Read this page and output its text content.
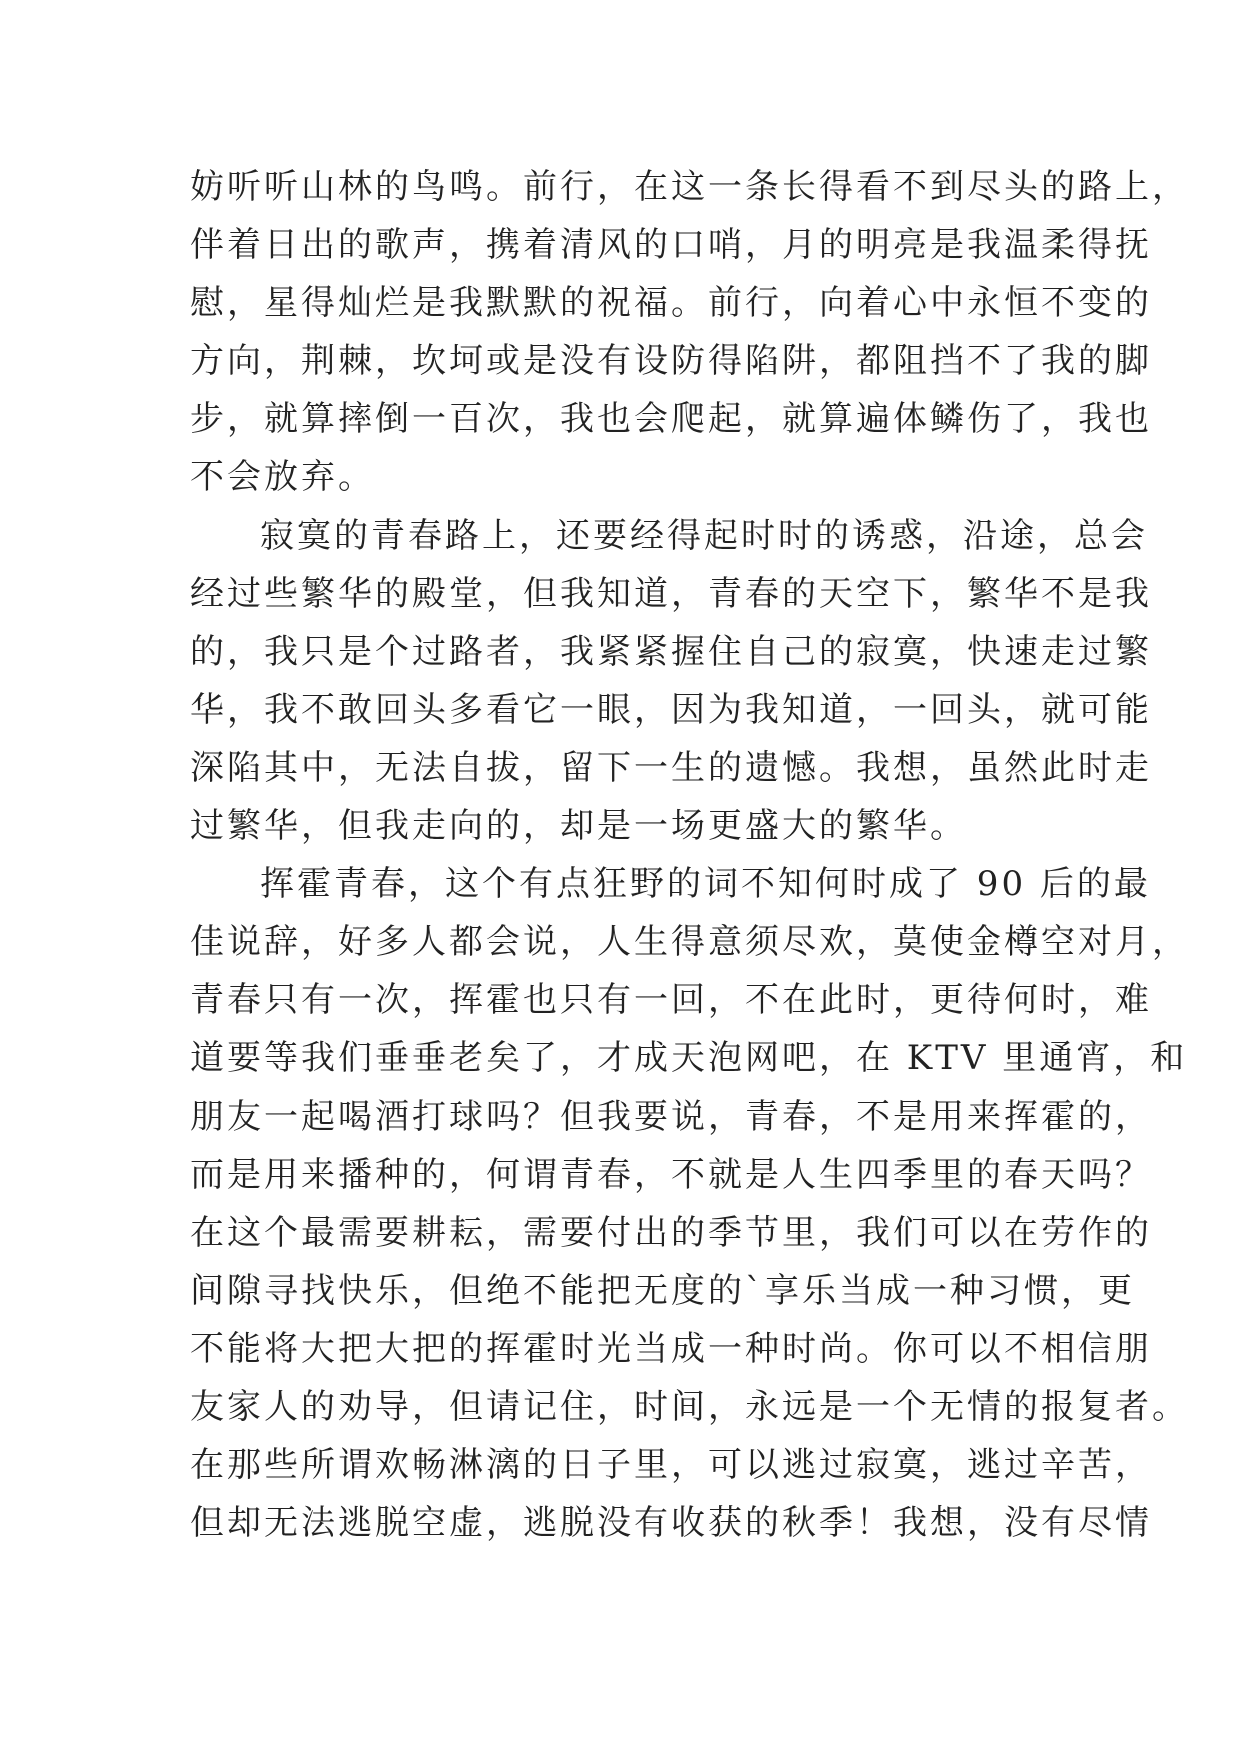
妨听听山林的鸟鸣。前行，在这一条长得看不到尽头的路上，
伴着日出的歌声，携着清风的口哨，月的明亮是我温柔得抚
慰，星得灿烂是我默默的祝福。前行，向着心中永恒不变的
方向，荆棘，坎坷或是没有设防得陷阱，都阻挡不了我的脚
步，就算摔倒一百次，我也会爬起，就算遍体鳞伤了，我也
不会放弃。
寂寞的青春路上，还要经得起时时的诱惑，沿途，总会
经过些繁华的殿堂，但我知道，青春的天空下，繁华不是我
的，我只是个过路者，我紧紧握住自己的寂寞，快速走过繁
华，我不敢回头多看它一眼，因为我知道，一回头，就可能
深陷其中，无法自拔，留下一生的遗憾。我想，虽然此时走
过繁华，但我走向的，却是一场更盛大的繁华。
挥霍青春，这个有点狂野的词不知何时成了 90 后的最
佳说辞，好多人都会说，人生得意须尽欢，莫使金樽空对月，
青春只有一次，挥霍也只有一回，不在此时，更待何时，难
道要等我们垂垂老矣了，才成天泡网吧，在 KTV 里通宵，和
朋友一起喝酒打球吗？但我要说，青春，不是用来挥霍的，
而是用来播种的，何谓青春，不就是人生四季里的春天吗？
在这个最需要耕耘，需要付出的季节里，我们可以在劳作的
间隙寻找快乐，但绝不能把无度的`享乐当成一种习惯，更
不能将大把大把的挥霍时光当成一种时尚。你可以不相信朋
友家人的劝导，但请记住，时间，永远是一个无情的报复者。
在那些所谓欢畅淋漓的日子里，可以逃过寂寞，逃过辛苦，
但却无法逃脱空虚，逃脱没有收获的秋季！我想，没有尽情
